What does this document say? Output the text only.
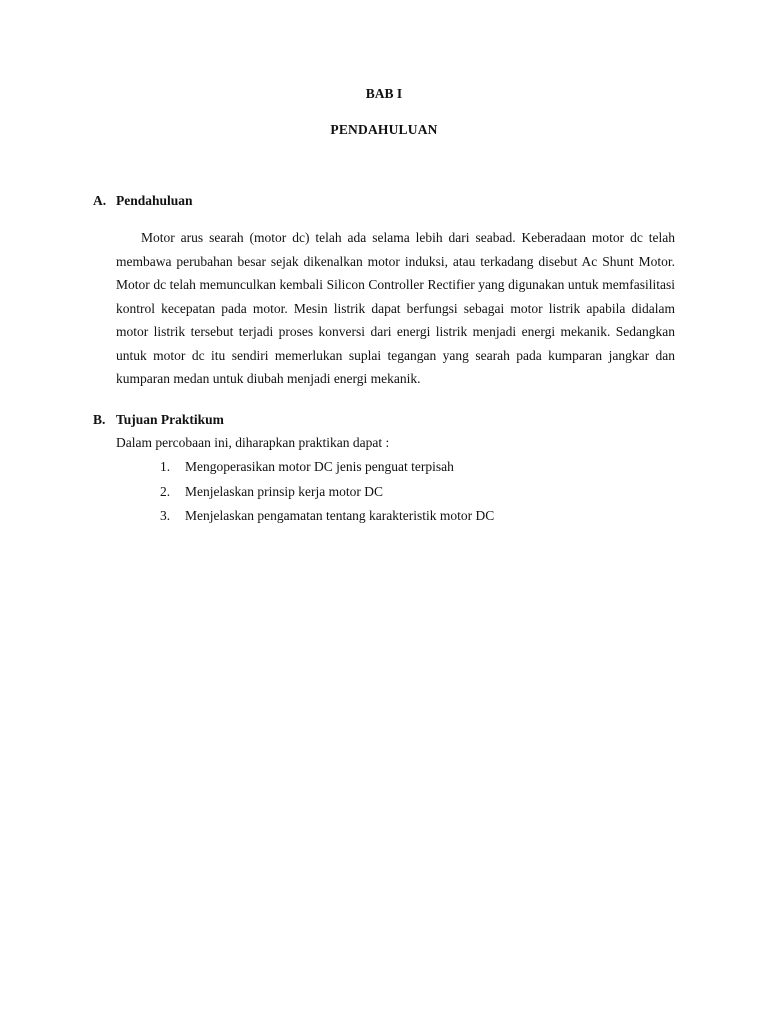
BAB I
PENDAHULUAN
A. Pendahuluan

Motor arus searah (motor dc) telah ada selama lebih dari seabad. Keberadaan motor dc telah membawa perubahan besar sejak dikenalkan motor induksi, atau terkadang disebut Ac Shunt Motor. Motor dc telah memunculkan kembali Silicon Controller Rectifier yang digunakan untuk memfasilitasi kontrol kecepatan pada motor. Mesin listrik dapat berfungsi sebagai motor listrik apabila didalam motor listrik tersebut terjadi proses konversi dari energi listrik menjadi energi mekanik. Sedangkan untuk motor dc itu sendiri memerlukan suplai tegangan yang searah pada kumparan jangkar dan kumparan medan untuk diubah menjadi energi mekanik.

B. Tujuan Praktikum
Dalam percobaan ini, diharapkan praktikan dapat :
1. Mengoperasikan motor DC jenis penguat terpisah
2. Menjelaskan prinsip kerja motor DC
3. Menjelaskan pengamatan tentang karakteristik motor DC
